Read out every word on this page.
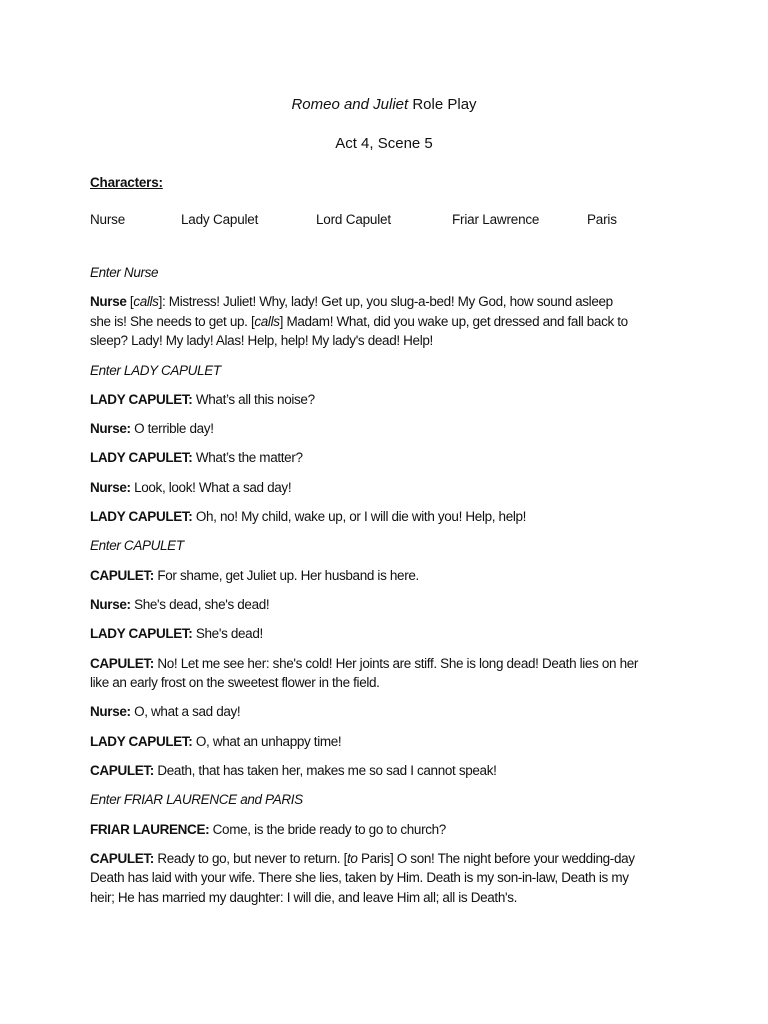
Romeo and Juliet Role Play
Act 4, Scene 5
Characters:
Nurse	Lady Capulet	Lord Capulet	Friar Lawrence	Paris

Enter Nurse

Nurse [calls]: Mistress! Juliet! Why, lady! Get up, you slug-a-bed! My God, how sound asleep
she is! She needs to get up. [calls] Madam! What, did you wake up, get dressed and fall back to
sleep? Lady! My lady! Alas! Help, help! My lady's dead! Help!

Enter LADY CAPULET

LADY CAPULET: What’s all this noise?

Nurse: O terrible day!

LADY CAPULET: What’s the matter?

Nurse: Look, look! What a sad day!

LADY CAPULET: Oh, no! My child, wake up, or I will die with you! Help, help!

Enter CAPULET

CAPULET: For shame, get Juliet up. Her husband is here.

Nurse: She's dead, she's dead!

LADY CAPULET: She's dead!

CAPULET: No! Let me see her: she's cold! Her joints are stiff. She is long dead! Death lies on her
like an early frost on the sweetest flower in the field.

Nurse: O, what a sad day!

LADY CAPULET: O, what an unhappy time!

CAPULET: Death, that has taken her, makes me so sad I cannot speak!

Enter FRIAR LAURENCE and PARIS

FRIAR LAURENCE: Come, is the bride ready to go to church?

CAPULET: Ready to go, but never to return. [to Paris] O son! The night before your wedding-day
Death has laid with your wife. There she lies, taken by Him. Death is my son-in-law, Death is my
heir; He has married my daughter: I will die, and leave Him all; all is Death's.
